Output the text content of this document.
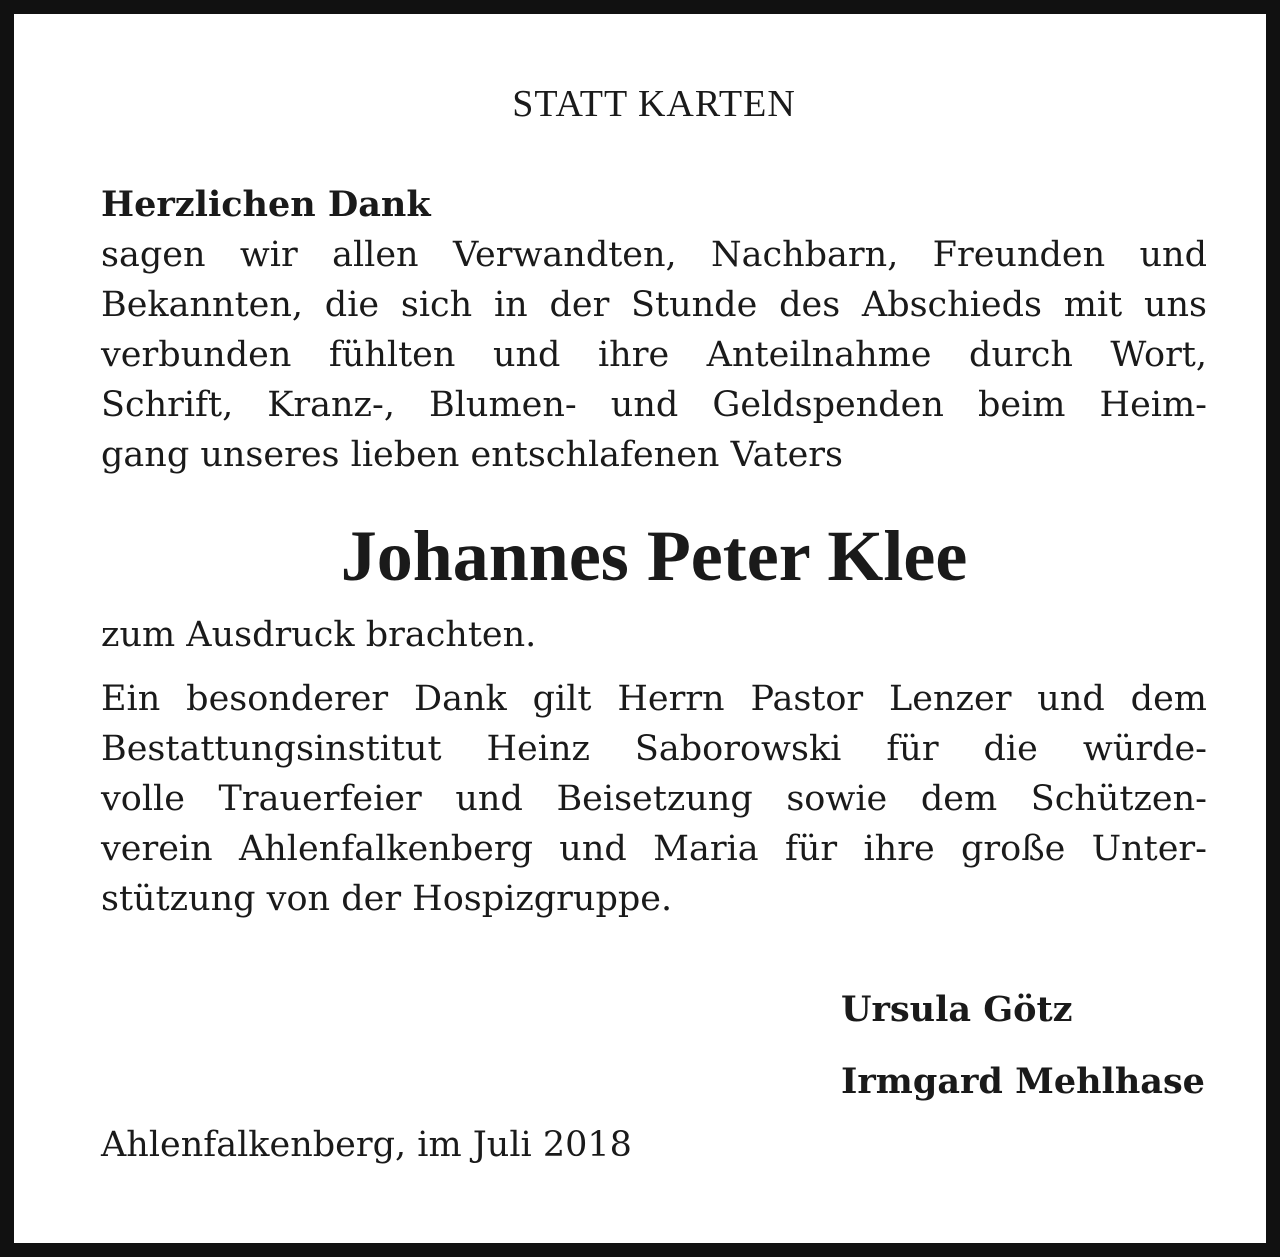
STATT KARTEN
Herzlichen Dank
sagen wir allen Verwandten, Nachbarn, Freunden und
Bekannten, die sich in der Stunde des Abschieds mit uns
verbunden fühlten und ihre Anteilnahme durch Wort,
Schrift, Kranz-, Blumen- und Geldspenden beim Heim-
gang unseres lieben entschlafenen Vaters
Johannes Peter Klee
zum Ausdruck brachten.
Ein besonderer Dank gilt Herrn Pastor Lenzer und dem
Bestattungsinstitut Heinz Saborowski für die würde-
volle Trauerfeier und Beisetzung sowie dem Schützen-
verein Ahlenfalkenberg und Maria für ihre große Unter-
stützung von der Hospizgruppe.
Ursula Götz
Irmgard Mehlhase
Ahlenfalkenberg, im Juli 2018
